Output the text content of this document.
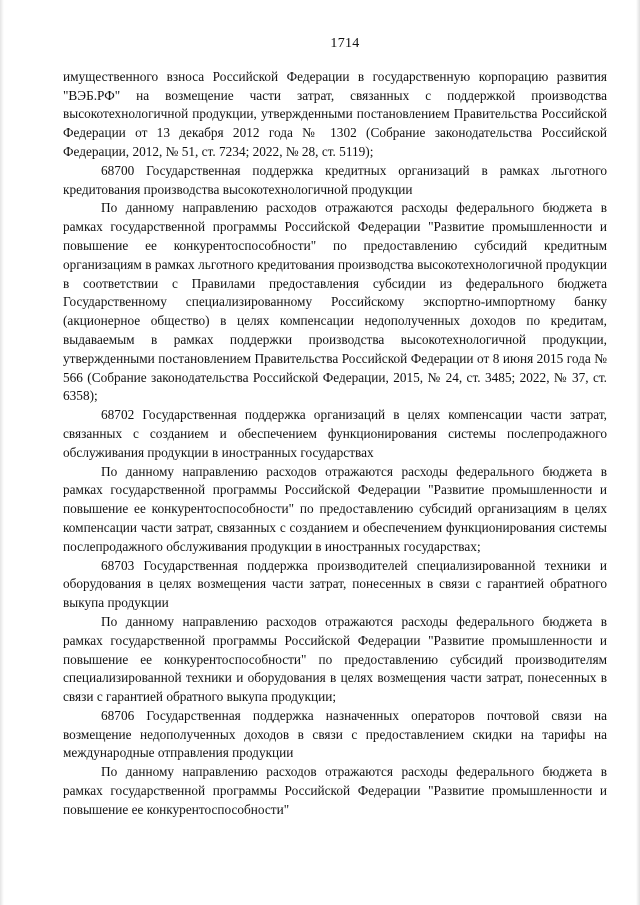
1714

имущественного взноса Российской Федерации в государственную корпорацию развития "ВЭБ.РФ" на возмещение части затрат, связанных с поддержкой производства высокотехнологичной продукции, утвержденными постановлением Правительства Российской Федерации от 13 декабря 2012 года № 1302 (Собрание законодательства Российской Федерации, 2012, № 51, ст. 7234; 2022, № 28, ст. 5119);

68700 Государственная поддержка кредитных организаций в рамках льготного кредитования производства высокотехнологичной продукции

По данному направлению расходов отражаются расходы федерального бюджета в рамках государственной программы Российской Федерации "Развитие промышленности и повышение ее конкурентоспособности" по предоставлению субсидий кредитным организациям в рамках льготного кредитования производства высокотехнологичной продукции в соответствии с Правилами предоставления субсидии из федерального бюджета Государственному специализированному Российскому экспортно-импортному банку (акционерное общество) в целях компенсации недополученных доходов по кредитам, выдаваемым в рамках поддержки производства высокотехнологичной продукции, утвержденными постановлением Правительства Российской Федерации от 8 июня 2015 года № 566 (Собрание законодательства Российской Федерации, 2015, № 24, ст. 3485; 2022, № 37, ст. 6358);

68702 Государственная поддержка организаций в целях компенсации части затрат, связанных с созданием и обеспечением функционирования системы послепродажного обслуживания продукции в иностранных государствах

По данному направлению расходов отражаются расходы федерального бюджета в рамках государственной программы Российской Федерации "Развитие промышленности и повышение ее конкурентоспособности" по предоставлению субсидий организациям в целях компенсации части затрат, связанных с созданием и обеспечением функционирования системы послепродажного обслуживания продукции в иностранных государствах;

68703 Государственная поддержка производителей специализированной техники и оборудования в целях возмещения части затрат, понесенных в связи с гарантией обратного выкупа продукции

По данному направлению расходов отражаются расходы федерального бюджета в рамках государственной программы Российской Федерации "Развитие промышленности и повышение ее конкурентоспособности" по предоставлению субсидий производителям специализированной техники и оборудования в целях возмещения части затрат, понесенных в связи с гарантией обратного выкупа продукции;

68706 Государственная поддержка назначенных операторов почтовой связи на возмещение недополученных доходов в связи с предоставлением скидки на тарифы на международные отправления продукции

По данному направлению расходов отражаются расходы федерального бюджета в рамках государственной программы Российской Федерации "Развитие промышленности и повышение ее конкурентоспособности"
